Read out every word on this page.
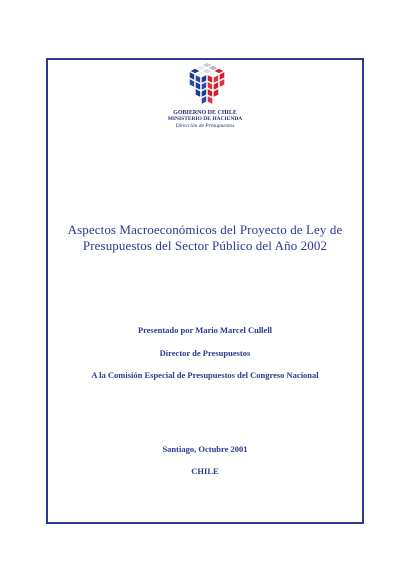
GOBIERNO DE CHILE
MINISTERIO DE HACIENDA
Dirección de Presupuestos
Aspectos Macroeconómicos del Proyecto de Ley de
Presupuestos del Sector Público del Año 2002
Presentado por Mario Marcel Cullell
Director de Presupuestos
A la Comisión Especial de Presupuestos del Congreso Nacional
Santiago, Octubre 2001
CHILE
